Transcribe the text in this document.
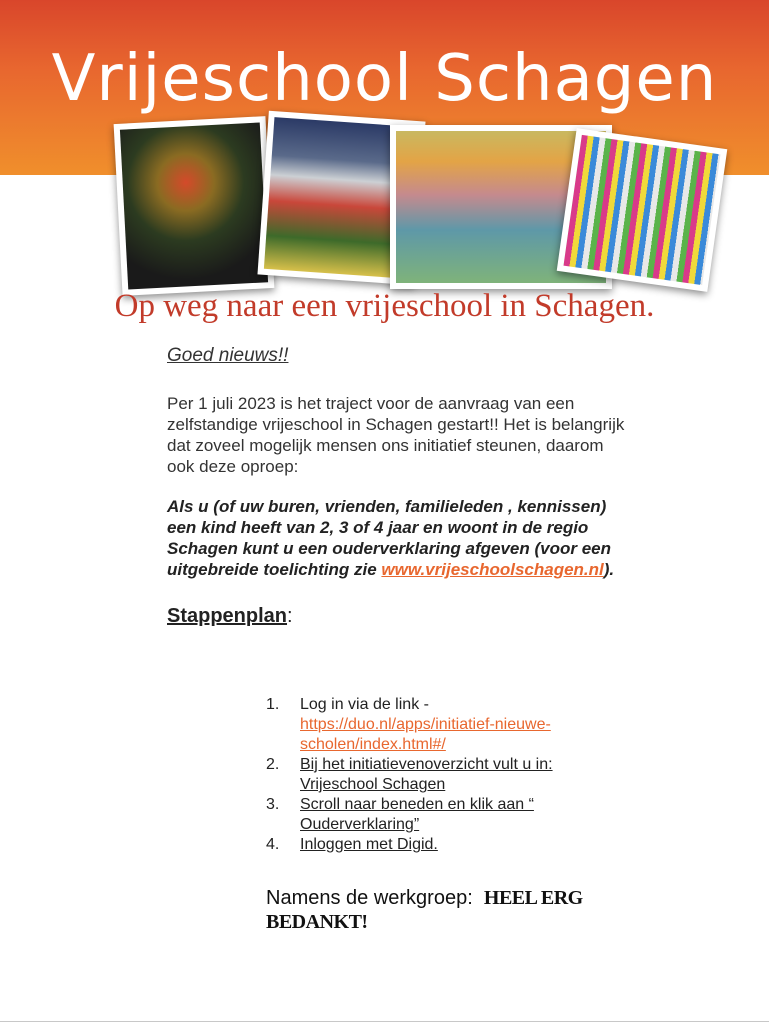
Vrijeschool Schagen
Op weg naar een vrijeschool in Schagen.

Goed nieuws!!

Per 1 juli 2023 is het traject voor de aanvraag van een zelfstandige vrijeschool in Schagen gestart!! Het is belangrijk dat zoveel mogelijk mensen ons initiatief steunen, daarom ook deze oproep:

Als u (of uw buren, vrienden, familieleden , kennissen) een kind heeft van 2, 3 of 4 jaar en woont in de regio Schagen kunt u een ouderverklaring afgeven (voor een uitgebreide toelichting zie www.vrijeschoolschagen.nl).

Stappenplan:

1. Log in via de link -
https://duo.nl/apps/initiatief-nieuwe-scholen/index.html#/
2. Bij het initiatievenoverzicht vult u in: Vrijeschool Schagen
3. Scroll naar beneden en klik aan “ Ouderverklaring”
4. Inloggen met Digid.
Namens de werkgroep: HEEL ERG BEDANKT!
